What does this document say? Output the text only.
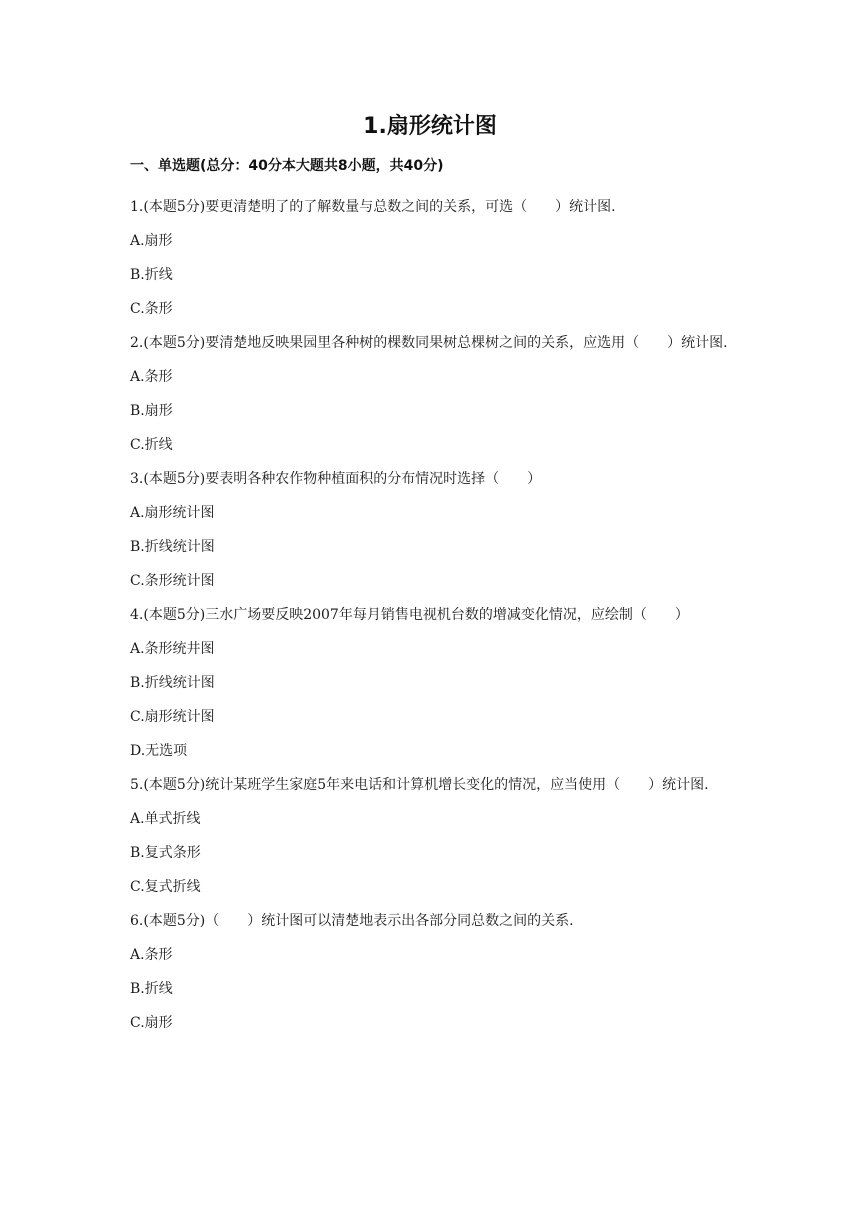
1.扇形统计图
一、单选题(总分：40分本大题共8小题，共40分)

1.(本题5分)要更清楚明了的了解数量与总数之间的关系，可选（　　）统计图.

A.扇形

B.折线

C.条形

2.(本题5分)要清楚地反映果园里各种树的棵数同果树总棵树之间的关系，应选用（　　）统计图.

A.条形

B.扇形

C.折线

3.(本题5分)要表明各种农作物种植面积的分布情况时选择（　　）

A.扇形统计图

B.折线统计图

C.条形统计图

4.(本题5分)三水广场要反映2007年每月销售电视机台数的增减变化情况，应绘制（　　）

A.条形统井图

B.折线统计图

C.扇形统计图

D.无选项

5.(本题5分)统计某班学生家庭5年来电话和计算机增长变化的情况，应当使用（　　）统计图.

A.单式折线

B.复式条形

C.复式折线

6.(本题5分)（　　）统计图可以清楚地表示出各部分同总数之间的关系.

A.条形

B.折线

C.扇形
